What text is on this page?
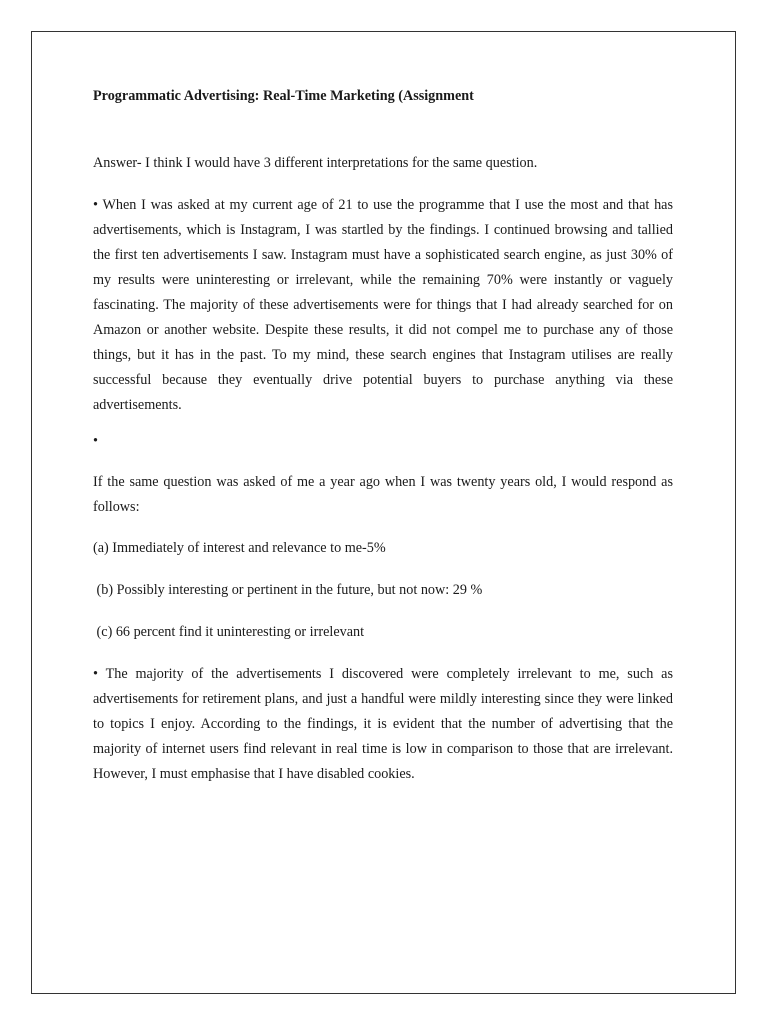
Programmatic Advertising: Real-Time Marketing (Assignment

Answer- I think I would have 3 different interpretations for the same question.

• When I was asked at my current age of 21 to use the programme that I use the most and that has advertisements, which is Instagram, I was startled by the findings. I continued browsing and tallied the first ten advertisements I saw. Instagram must have a sophisticated search engine, as just 30% of my results were uninteresting or irrelevant, while the remaining 70% were instantly or vaguely fascinating. The majority of these advertisements were for things that I had already searched for on Amazon or another website. Despite these results, it did not compel me to purchase any of those things, but it has in the past. To my mind, these search engines that Instagram utilises are really successful because they eventually drive potential buyers to purchase anything via these advertisements.

•

If the same question was asked of me a year ago when I was twenty years old, I would respond as follows:

(a) Immediately of interest and relevance to me-5%

(b) Possibly interesting or pertinent in the future, but not now: 29 %

(c) 66 percent find it uninteresting or irrelevant

• The majority of the advertisements I discovered were completely irrelevant to me, such as advertisements for retirement plans, and just a handful were mildly interesting since they were linked to topics I enjoy. According to the findings, it is evident that the number of advertising that the majority of internet users find relevant in real time is low in comparison to those that are irrelevant. However, I must emphasise that I have disabled cookies.
